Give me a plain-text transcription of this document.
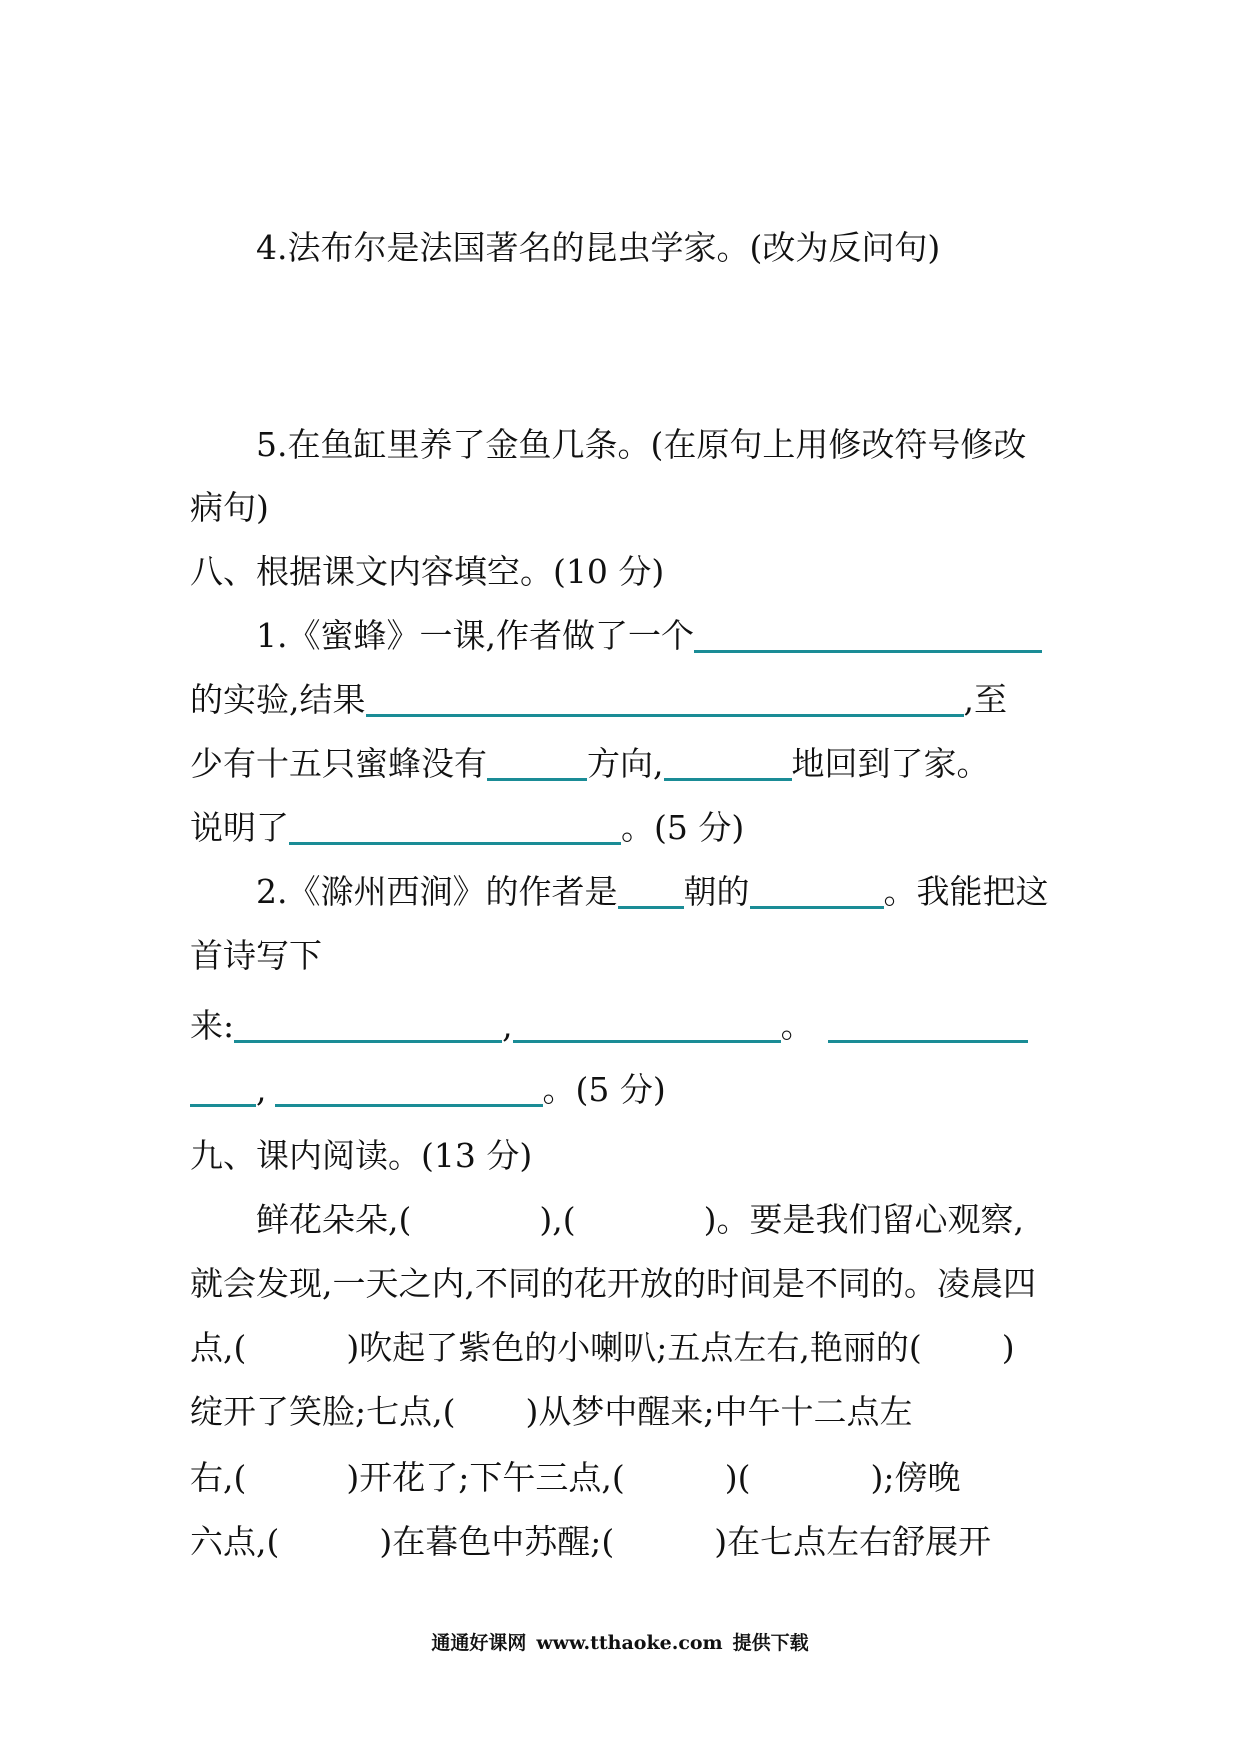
4.法布尔是法国著名的昆虫学家。(改为反问句)
5.在鱼缸里养了金鱼几条。(在原句上用修改符号修改
病句)
八、根据课文内容填空。(10 分)
1.《蜜蜂》一课,作者做了一个
的实验,结果	,至
少有十五只蜜蜂没有	方向,	地回到了家。
说明了	。(5 分)
2.《滁州西涧》的作者是 朝的	。我能把这
首诗写下
来:	,	。
,	。(5 分)
九、课内阅读。(13 分)
鲜花朵朵,(	),(	)。要是我们留心观察,
就会发现,一天之内,不同的花开放的时间是不同的。凌晨四
点,(	)吹起了紫色的小喇叭;五点左右,艳丽的( )
绽开了笑脸;七点,( )从梦中醒来;中午十二点左
右,(	)开花了;下午三点,(	)(	);傍晚
六点,(	)在暮色中苏醒;(	)在七点左右舒展开
通通好课网 www.tthaoke.com 提供下载
